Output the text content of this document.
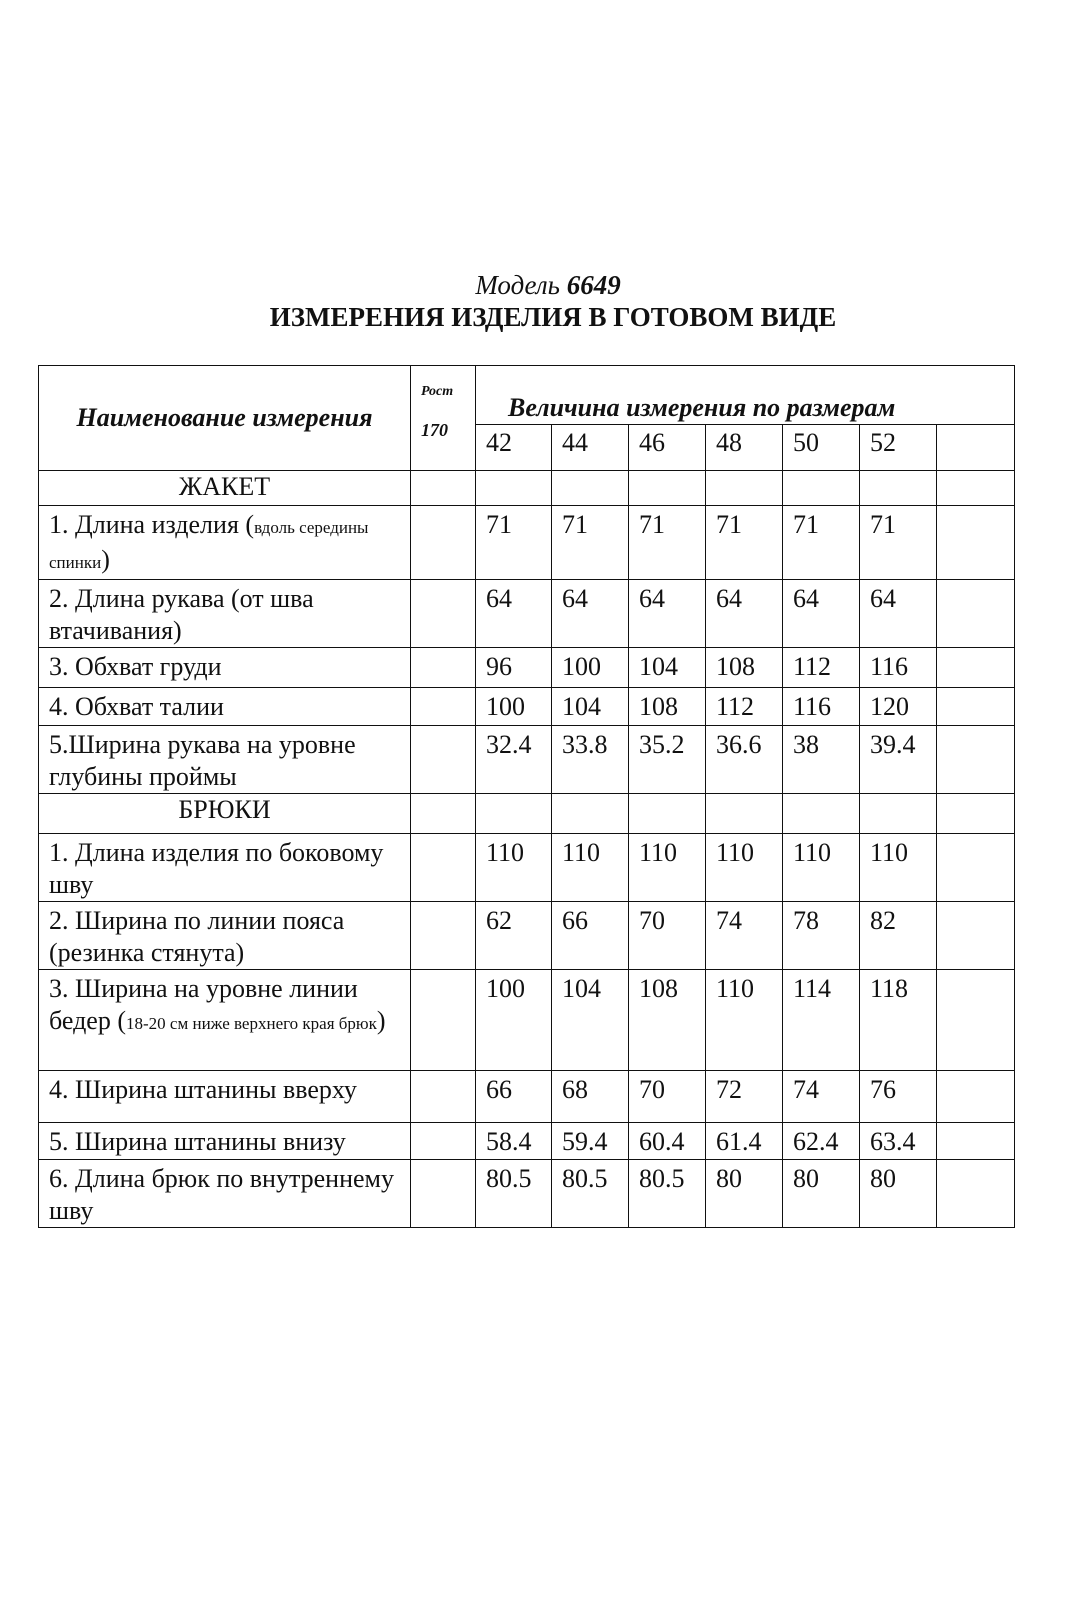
Модель 6649
ИЗМЕРЕНИЯ ИЗДЕЛИЯ В ГОТОВОМ ВИДЕ
Наименование измерения	Рост
170	Величина измерения по размерам						
		42	44	46	48	50	52	
ЖАКЕТ								
1. Длина изделия (вдоль середины спинки)		71	71	71	71	71	71	
2. Длина рукава (от шва втачивания)		64	64	64	64	64	64	
3. Обхват груди		96	100	104	108	112	116	
4. Обхват талии		100	104	108	112	116	120	
5.Ширина рукава на уровне глубины проймы		32.4	33.8	35.2	36.6	38	39.4	
БРЮКИ								
1. Длина изделия по боковому шву		110	110	110	110	110	110	
2. Ширина по линии пояса (резинка стянута)		62	66	70	74	78	82	
3. Ширина на уровне линии бедер (18-20 см ниже верхнего края брюк)		100	104	108	110	114	118	
4. Ширина штанины вверху		66	68	70	72	74	76	
5. Ширина штанины внизу		58.4	59.4	60.4	61.4	62.4	63.4	
6. Длина брюк по внутреннему шву		80.5	80.5	80.5	80	80	80	
